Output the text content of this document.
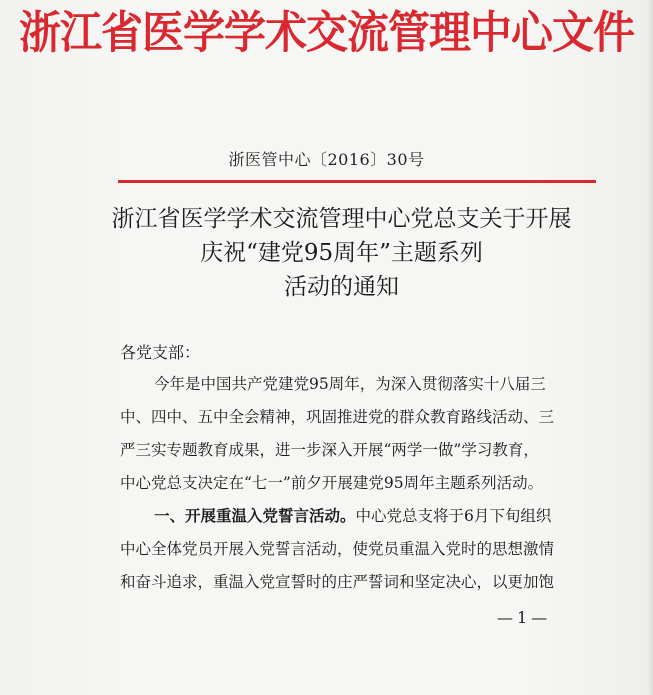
浙江省医学学术交流管理中心文件
浙医管中心〔2016〕30号
浙江省医学学术交流管理中心党总支关于开展
庆祝“建党95周年”主题系列
活动的通知
各党支部：

今年是中国共产党建党95周年，为深入贯彻落实十八届三
中、四中、五中全会精神，巩固推进党的群众教育路线活动、三
严三实专题教育成果，进一步深入开展“两学一做”学习教育，
中心党总支决定在“七一”前夕开展建党95周年主题系列活动。

一、开展重温入党誓言活动。中心党总支将于6月下旬组织
中心全体党员开展入党誓言活动，使党员重温入党时的思想激情
和奋斗追求，重温入党宣誓时的庄严誓词和坚定决心，以更加饱

—1—
